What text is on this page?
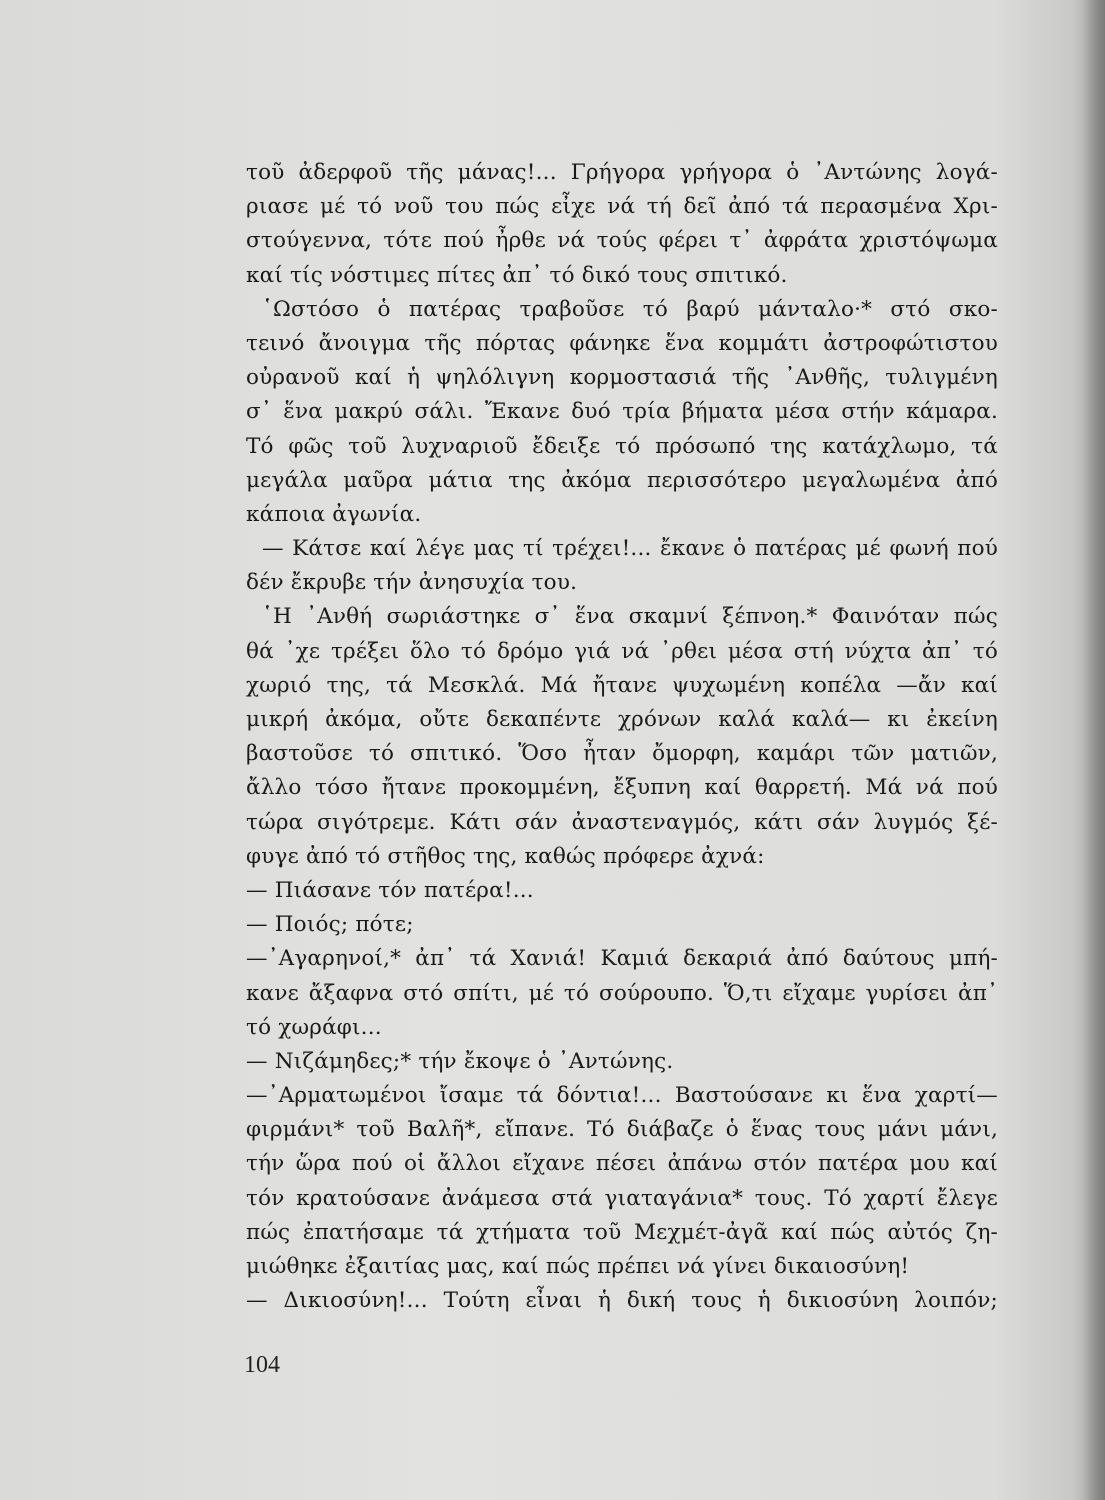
τοῦ ἀδερφοῦ τῆς μάνας!... Γρήγορα γρήγορα ὁ ᾿Αντώνης λογά-
ριασε μέ τό νοῦ του πώς εἶχε νά τή δεῖ ἀπό τά περασμένα Χρι-
στούγεννα, τότε πού ἦρθε νά τούς φέρει τ᾿ ἀφράτα χριστόψωμα
καί τίς νόστιμες πίτες ἀπ᾿ τό δικό τους σπιτικό.
῾Ωστόσο ὁ πατέρας τραβοῦσε τό βαρύ μάνταλο·* στό σκο-
τεινό ἄνοιγμα τῆς πόρτας φάνηκε ἕνα κομμάτι ἀστροφώτιστου
οὐρανοῦ καί ἡ ψηλόλιγνη κορμοστασιά τῆς ᾿Ανθῆς, τυλιγμένη
σ᾿ ἕνα μακρύ σάλι. Ἔκανε δυό τρία βήματα μέσα στήν κάμαρα.
Τό φῶς τοῦ λυχναριοῦ ἔδειξε τό πρόσωπό της κατάχλωμο, τά
μεγάλα μαῦρα μάτια της ἀκόμα περισσότερο μεγαλωμένα ἀπό
κάποια ἀγωνία.
— Κάτσε καί λέγε μας τί τρέχει!... ἔκανε ὁ πατέρας μέ φωνή πού
δέν ἔκρυβε τήν ἀνησυχία του.
῾Η ᾿Ανθή σωριάστηκε σ᾿ ἕνα σκαμνί ξέπνοη.* Φαινόταν πώς
θά ᾿χε τρέξει ὅλο τό δρόμο γιά νά ᾿ρθει μέσα στή νύχτα ἀπ᾿ τό
χωριό της, τά Μεσκλά. Μά ἤτανε ψυχωμένη κοπέλα —ἄν καί
μικρή ἀκόμα, οὔτε δεκαπέντε χρόνων καλά καλά— κι ἐκείνη
βαστοῦσε τό σπιτικό. Ὅσο ἦταν ὄμορφη, καμάρι τῶν ματιῶν,
ἄλλο τόσο ἤτανε προκομμένη, ἔξυπνη καί θαρρετή. Μά νά πού
τώρα σιγότρεμε. Κάτι σάν ἀναστεναγμός, κάτι σάν λυγμός ξέ-
φυγε ἀπό τό στῆθος της, καθώς πρόφερε ἀχνά:
— Πιάσανε τόν πατέρα!...
— Ποιός; πότε;
—᾿Αγαρηνοί,* ἀπ᾿ τά Χανιά! Καμιά δεκαριά ἀπό δαύτους μπή-
κανε ἄξαφνα στό σπίτι, μέ τό σούρουπο. Ὅ,τι εἴχαμε γυρίσει ἀπ᾿
τό χωράφι...
— Νιζάμηδες;* τήν ἔκοψε ὁ ᾿Αντώνης.
—᾿Αρματωμένοι ἴσαμε τά δόντια!... Βαστούσανε κι ἕνα χαρτί—
φιρμάνι* τοῦ Βαλῆ*, εἴπανε. Τό διάβαζε ὁ ἕνας τους μάνι μάνι,
τήν ὥρα πού οἱ ἄλλοι εἴχανε πέσει ἀπάνω στόν πατέρα μου καί
τόν κρατούσανε ἀνάμεσα στά γιαταγάνια* τους. Τό χαρτί ἔλεγε
πώς ἐπατήσαμε τά χτήματα τοῦ Μεχμέτ-ἀγᾶ καί πώς αὐτός ζη-
μιώθηκε ἐξαιτίας μας, καί πώς πρέπει νά γίνει δικαιοσύνη!
— Δικιοσύνη!... Τούτη εἶναι ἡ δική τους ἡ δικιοσύνη λοιπόν;
104
